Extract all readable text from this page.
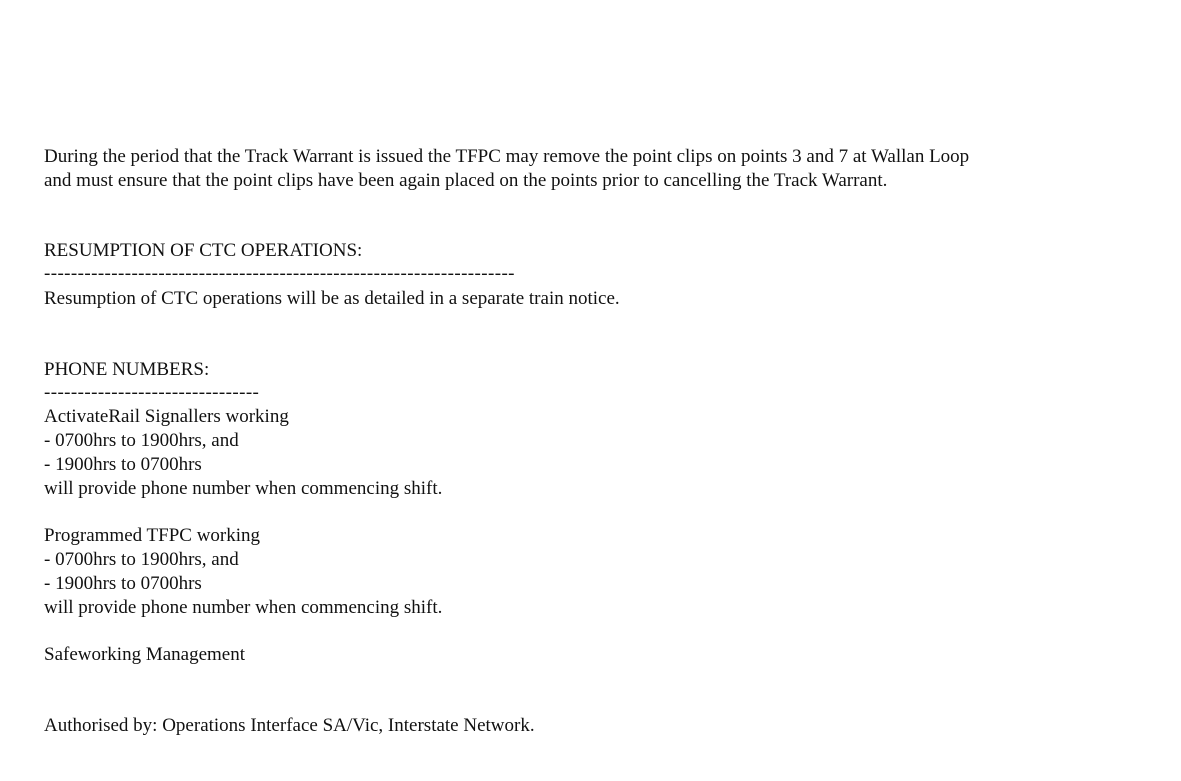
During the period that the Track Warrant is issued the TFPC may remove the point clips on points 3 and 7 at Wallan Loop
and must ensure that the point clips have been again placed on the points prior to cancelling the Track Warrant.
RESUMPTION OF CTC OPERATIONS:
----------------------------------------------------------------------
Resumption of CTC operations will be as detailed in a separate train notice.
PHONE NUMBERS:
--------------------------------
ActivateRail Signallers working
- 0700hrs to 1900hrs, and
- 1900hrs to 0700hrs
will provide phone number when commencing shift.
Programmed TFPC working
- 0700hrs to 1900hrs, and
- 1900hrs to 0700hrs
will provide phone number when commencing shift.
Safeworking Management
Authorised by: Operations Interface SA/Vic, Interstate Network.
